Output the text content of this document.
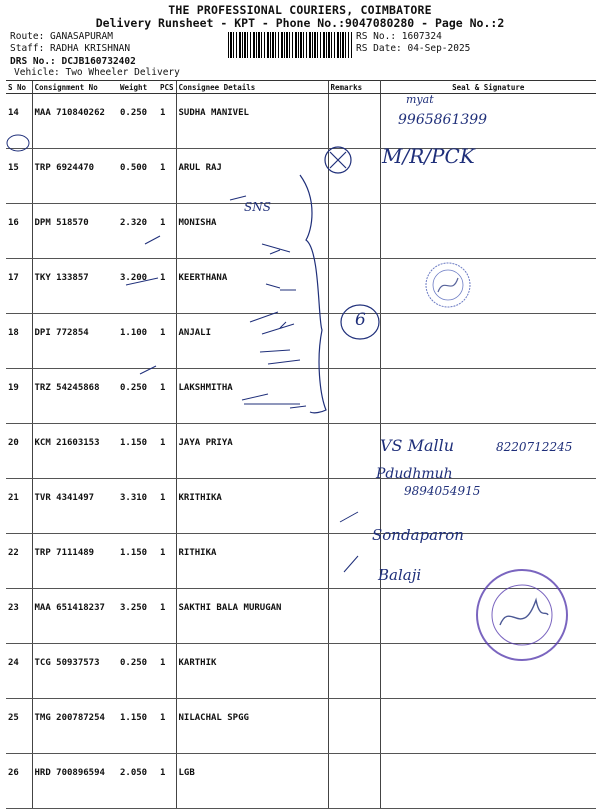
THE PROFESSIONAL COURIERS, COIMBATORE
Delivery Runsheet - KPT - Phone No.:9047080280 - Page No.:2
Route: GANASAPURAM
Staff: RADHA KRISHNAN
DRS No.: DCJB160732402
Vehicle: Two Wheeler Delivery
RS No.: 1607324
RS Date: 04-Sep-2025
S No	Consignment No	Weight	PCS	Consignee Details	Remarks	Seal & Signature
14	MAA 710840262	0.250	1	SUDHA MANIVEL		
15	TRP 6924470	0.500	1	ARUL RAJ		
16	DPM 518570	2.320	1	MONISHA		
17	TKY 133857	3.200	1	KEERTHANA		
18	DPI 772854	1.100	1	ANJALI		
19	TRZ 54245868	0.250	1	LAKSHMITHA		
20	KCM 21603153	1.150	1	JAYA PRIYA		
21	TVR 4341497	3.310	1	KRITHIKA		
22	TRP 7111489	1.150	1	RITHIKA		
23	MAA 651418237	3.250	1	SAKTHI BALA MURUGAN		
24	TCG 50937573	0.250	1	KARTHIK		
25	TMG 200787254	1.150	1	NILACHAL SPGG		
26	HRD 700896594	2.050	1	LGB		
myat
9965861399
M/R/PCK
SNS
6
VS Mallu	8220712245
Pdudhmuh
9894054915
Sondaparon
Balaji
